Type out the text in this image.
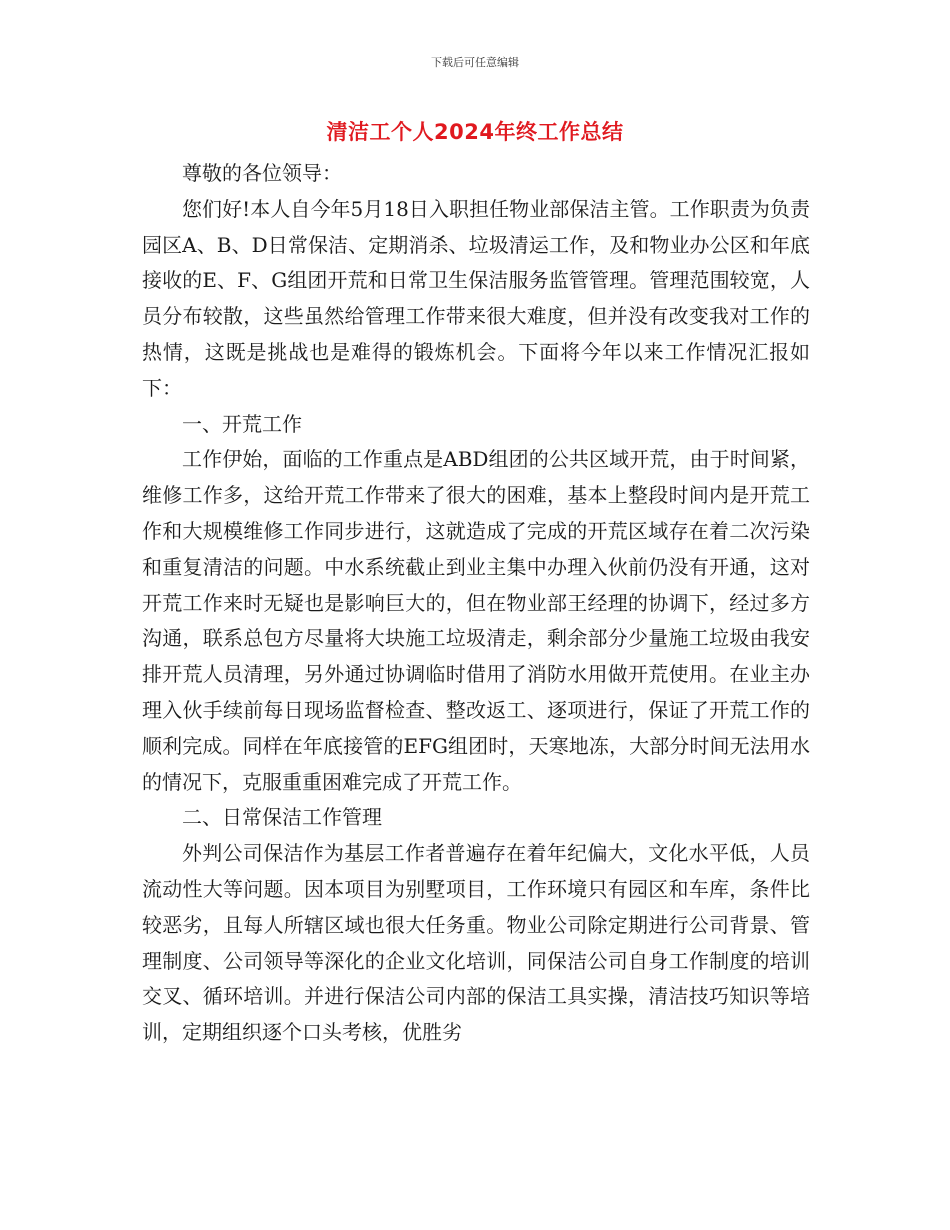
下载后可任意编辑
清洁工个人2024年终工作总结

尊敬的各位领导：

您们好!本人自今年5月18日入职担任物业部保洁主管。工作职责为负责园区A、B、D日常保洁、定期消杀、垃圾清运工作，及和物业办公区和年底接收的E、F、G组团开荒和日常卫生保洁服务监管管理。管理范围较宽，人员分布较散，这些虽然给管理工作带来很大难度，但并没有改变我对工作的热情，这既是挑战也是难得的锻炼机会。下面将今年以来工作情况汇报如下：

一、开荒工作

工作伊始，面临的工作重点是ABD组团的公共区域开荒，由于时间紧，维修工作多，这给开荒工作带来了很大的困难，基本上整段时间内是开荒工作和大规模维修工作同步进行，这就造成了完成的开荒区域存在着二次污染和重复清洁的问题。中水系统截止到业主集中办理入伙前仍没有开通，这对开荒工作来时无疑也是影响巨大的，但在物业部王经理的协调下，经过多方沟通，联系总包方尽量将大块施工垃圾清走，剩余部分少量施工垃圾由我安排开荒人员清理，另外通过协调临时借用了消防水用做开荒使用。在业主办理入伙手续前每日现场监督检查、整改返工、逐项进行，保证了开荒工作的顺利完成。同样在年底接管的EFG组团时，天寒地冻，大部分时间无法用水的情况下，克服重重困难完成了开荒工作。

二、日常保洁工作管理

外判公司保洁作为基层工作者普遍存在着年纪偏大，文化水平低，人员流动性大等问题。因本项目为别墅项目，工作环境只有园区和车库，条件比较恶劣，且每人所辖区域也很大任务重。物业公司除定期进行公司背景、管理制度、公司领导等深化的企业文化培训，同保洁公司自身工作制度的培训交叉、循环培训。并进行保洁公司内部的保洁工具实操，清洁技巧知识等培训，定期组织逐个口头考核，优胜劣
